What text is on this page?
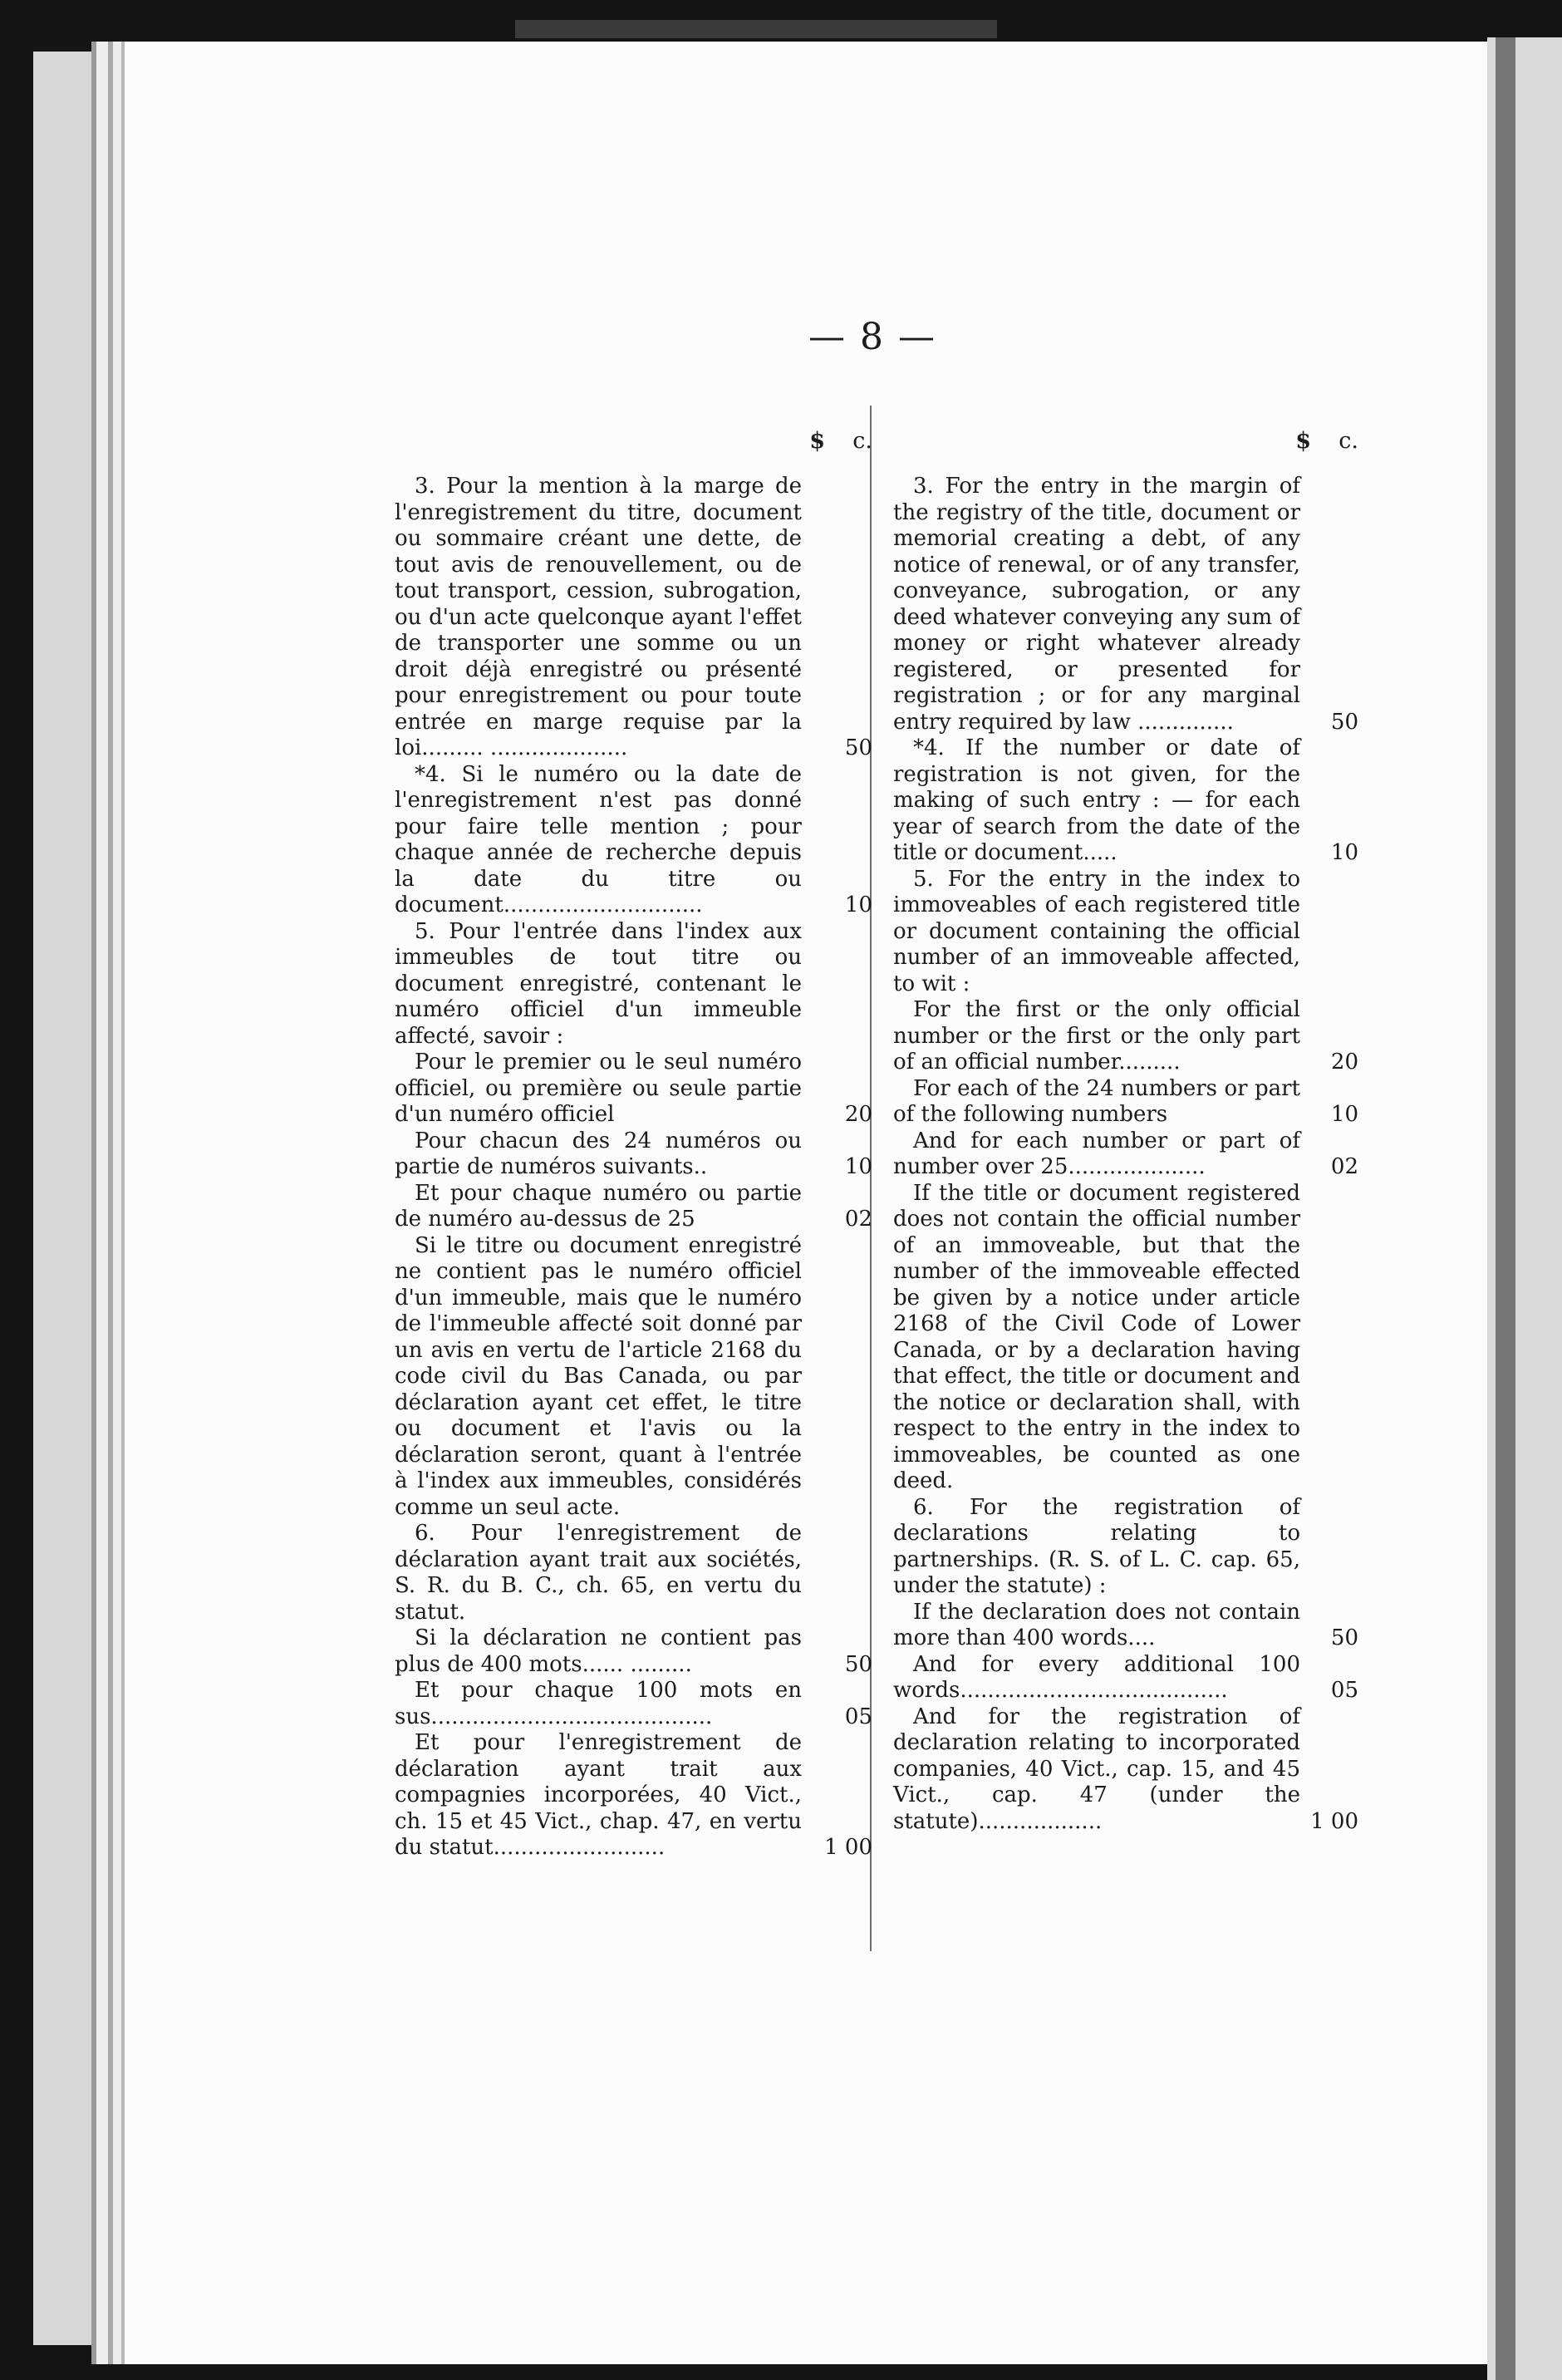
— 8 —
$ c.
3. Pour la mention à la marge de l'enregistrement du titre, document ou sommaire créant une dette, de tout avis de renouvellement, ou de tout transport, cession, subrogation, ou d'un acte quelconque ayant l'effet de transporter une somme ou un droit déjà enregistré ou présenté pour enregistrement ou pour toute entrée en marge requise par la loi......... ....................	50
*4. Si le numéro ou la date de l'enregistrement n'est pas donné pour faire telle mention ; pour chaque année de recherche depuis la date du titre ou document.............................	10
5. Pour l'entrée dans l'index aux immeubles de tout titre ou document enregistré, contenant le numéro officiel d'un immeuble affecté, savoir :
Pour le premier ou le seul numéro officiel, ou première ou seule partie d'un numéro officiel	20
Pour chacun des 24 numéros ou partie de numéros suivants..	10
Et pour chaque numéro ou partie de numéro au-dessus de 25	02
Si le titre ou document enregistré ne contient pas le numéro officiel d'un immeuble, mais que le numéro de l'immeuble affecté soit donné par un avis en vertu de l'article 2168 du code civil du Bas Canada, ou par déclaration ayant cet effet, le titre ou document et l'avis ou la déclaration seront, quant à l'entrée à l'index aux immeubles, considérés comme un seul acte.
6. Pour l'enregistrement de déclaration ayant trait aux sociétés, S. R. du B. C., ch. 65, en vertu du statut.
Si la déclaration ne contient pas plus de 400 mots...... .........	50
Et pour chaque 100 mots en sus.........................................	05
Et pour l'enregistrement de déclaration ayant trait aux compagnies incorporées, 40 Vict., ch. 15 et 45 Vict., chap. 47, en vertu du statut.........................	1 00
$ c.
3. For the entry in the margin of the registry of the title, document or memorial creating a debt, of any notice of renewal, or of any transfer, conveyance, subrogation, or any deed whatever conveying any sum of money or right whatever already registered, or presented for registration ; or for any marginal entry required by law ..............	50
*4. If the number or date of registration is not given, for the making of such entry : — for each year of search from the date of the title or document.....	10
5. For the entry in the index to immoveables of each registered title or document containing the official number of an immoveable affected, to wit :
For the first or the only official number or the first or the only part of an official number.........	20
For each of the 24 numbers or part of the following numbers	10
And for each number or part of number over 25....................	02
If the title or document registered does not contain the official number of an immoveable, but that the number of the immoveable effected be given by a notice under article 2168 of the Civil Code of Lower Canada, or by a declaration having that effect, the title or document and the notice or declaration shall, with respect to the entry in the index to immoveables, be counted as one deed.
6. For the registration of declarations relating to partnerships. (R. S. of L. C. cap. 65, under the statute) :
If the declaration does not contain more than 400 words....	50
And for every additional 100 words.......................................	05
And for the registration of declaration relating to incorporated companies, 40 Vict., cap. 15, and 45 Vict., cap. 47 (under the statute)..................	1 00
